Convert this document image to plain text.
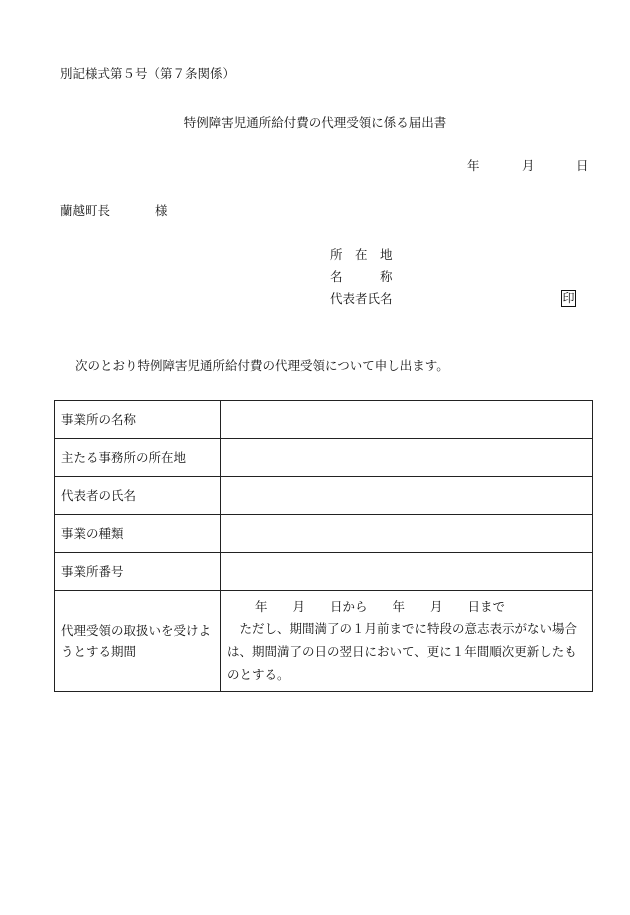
別記様式第５号（第７条関係）
特例障害児通所給付費の代理受領に係る届出書
年	月	日
蘭越町長	様
所　在　地
名　　　称
代表者氏名	印
次のとおり特例障害児通所給付費の代理受領について申し出ます。
事業所の名称	
主たる事務所の所在地	
代表者の氏名	
事業の種類	
事業所番号	
代理受領の取扱いを受けようとする期間	年　　月　　日から　　年　　月　　日まで
ただし、期間満了の１月前までに特段の意志表示がない場合は、期間満了の日の翌日において、更に１年間順次更新したものとする。
